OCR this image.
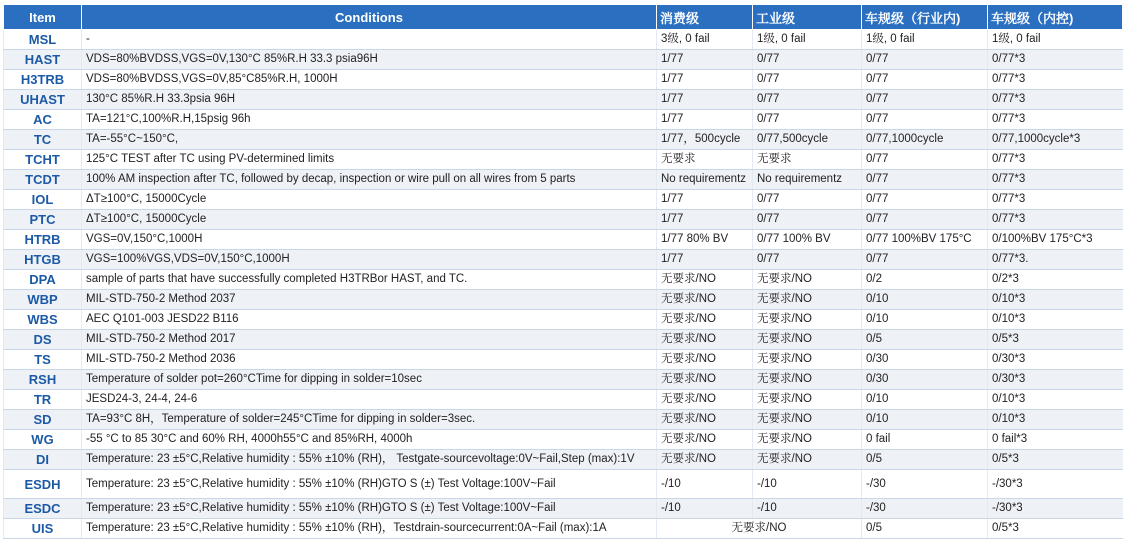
Item	Conditions	消费级	工业级	车规级（行业内)	车规级（内控)
MSL	-	3级, 0 fail	1级, 0 fail	1级, 0 fail	1级, 0 fail
HAST	VDS=80%BVDSS,VGS=0V,130°C 85%R.H 33.3 psia96H	1/77	0/77	0/77	0/77*3
H3TRB	VDS=80%BVDSS,VGS=0V,85°C85%R.H, 1000H	1/77	0/77	0/77	0/77*3
UHAST	130°C 85%R.H 33.3psia 96H	1/77	0/77	0/77	0/77*3
AC	TA=121°C,100%R.H,15psig 96h	1/77	0/77	0/77	0/77*3
TC	TA=-55°C~150°C,	1/77，500cycle	0/77,500cycle	0/77,1000cycle	0/77,1000cycle*3
TCHT	125°C TEST after TC using PV-determined limits	无要求	无要求	0/77	0/77*3
TCDT	100% AM inspection after TC, followed by decap, inspection or wire pull on all wires from 5 parts	No requirementz	No requirementz	0/77	0/77*3
IOL	ΔT≥100°C, 15000Cycle	1/77	0/77	0/77	0/77*3
PTC	ΔT≥100°C, 15000Cycle	1/77	0/77	0/77	0/77*3
HTRB	VGS=0V,150°C,1000H	1/77 80% BV	0/77 100% BV	0/77 100%BV 175°C	0/100%BV 175°C*3
HTGB	VGS=100%VGS,VDS=0V,150°C,1000H	1/77	0/77	0/77	0/77*3.
DPA	sample of parts that have successfully completed H3TRBor HAST, and TC.	无要求/NO	无要求/NO	0/2	0/2*3
WBP	MIL-STD-750-2 Method 2037	无要求/NO	无要求/NO	0/10	0/10*3
WBS	AEC Q101-003 JESD22 B116	无要求/NO	无要求/NO	0/10	0/10*3
DS	MIL-STD-750-2 Method 2017	无要求/NO	无要求/NO	0/5	0/5*3
TS	MIL-STD-750-2 Method 2036	无要求/NO	无要求/NO	0/30	0/30*3
RSH	Temperature of solder pot=260°CTime for dipping in solder=10sec	无要求/NO	无要求/NO	0/30	0/30*3
TR	JESD24-3, 24-4, 24-6	无要求/NO	无要求/NO	0/10	0/10*3
SD	TA=93°C 8H，Temperature of solder=245°CTime for dipping in solder=3sec.	无要求/NO	无要求/NO	0/10	0/10*3
WG	-55 °C to 85 30°C and 60% RH, 4000h55°C and 85%RH, 4000h	无要求/NO	无要求/NO	0 fail	0 fail*3
DI	Temperature: 23 ±5°C,Relative humidity : 55% ±10% (RH)， Testgate-sourcevoltage:0V~Fail,Step (max):1V	无要求/NO	无要求/NO	0/5	0/5*3
ESDH	Temperature: 23 ±5°C,Relative humidity : 55% ±10% (RH)GTO S (±) Test Voltage:100V~Fail	-/10	-/10	-/30	-/30*3
ESDC	Temperature: 23 ±5°C,Relative humidity : 55% ±10% (RH)GTO S (±) Test Voltage:100V~Fail	-/10	-/10	-/30	-/30*3
UIS	Temperature: 23 ±5°C,Relative humidity : 55% ±10% (RH)，Testdrain-sourcecurrent:0A~Fail (max):1A	无要求/NO		0/5	0/5*3
